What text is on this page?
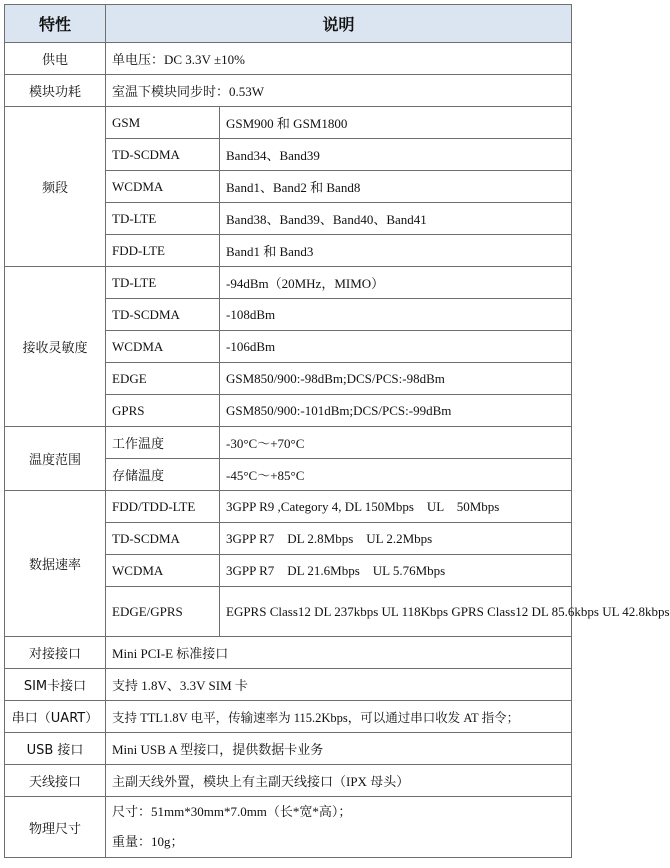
特性	说明	
供电	单电压：DC 3.3V ±10%	
模块功耗	室温下模块同步时：0.53W	
频段	GSM	GSM900 和 GSM1800
	TD-SCDMA	Band34、Band39
	WCDMA	Band1、Band2 和 Band8
	TD-LTE	Band38、Band39、Band40、Band41
	FDD-LTE	Band1 和 Band3
接收灵敏度	TD-LTE	-94dBm（20MHz，MIMO）
	TD-SCDMA	-108dBm
	WCDMA	-106dBm
	EDGE	GSM850/900:-98dBm;DCS/PCS:-98dBm
	GPRS	GSM850/900:-101dBm;DCS/PCS:-99dBm
温度范围	工作温度	-30°C～+70°C
	存储温度	-45°C～+85°C
数据速率	FDD/TDD-LTE	3GPP R9 ,Category 4, DL 150Mbps    UL    50Mbps
	TD-SCDMA	3GPP R7    DL 2.8Mbps    UL 2.2Mbps
	WCDMA	3GPP R7    DL 21.6Mbps    UL 5.76Mbps
	EDGE/GPRS	EGPRS Class12 DL 237kbps UL 118Kbps GPRS Class12 DL 85.6kbps UL 42.8kbps
对接接口	Mini PCI-E 标准接口	
SIM卡接口	支持 1.8V、3.3V SIM 卡	
串口（UART）	支持 TTL1.8V 电平，传输速率为 115.2Kbps，可以通过串口收发 AT 指令；	
USB 接口	Mini USB A 型接口，提供数据卡业务	
天线接口	主副天线外置，模块上有主副天线接口（IPX 母头）	
物理尺寸	尺寸：51mm*30mm*7.0mm（长*宽*高）；
重量：10g；	
